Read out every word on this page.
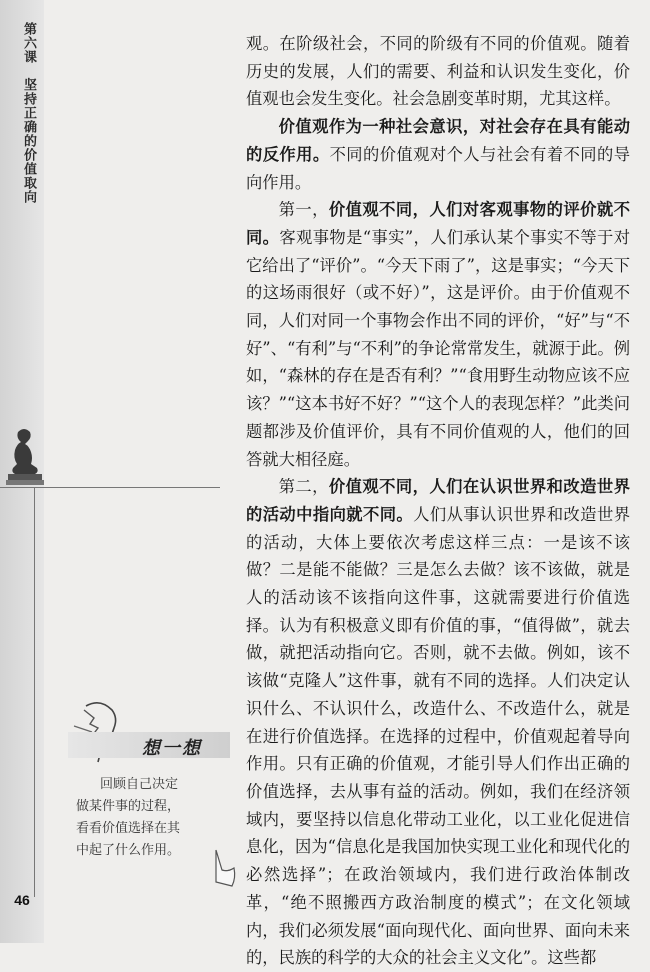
第六课坚持正确的价值取向
46
想一想
回顾自己决定
做某件事的过程，
看看价值选择在其
中起了什么作用。

观。在阶级社会，不同的阶级有不同的价值观。随着历史的发展，人们的需要、利益和认识发生变化，价值观也会发生变化。社会急剧变革时期，尤其这样。

价值观作为一种社会意识，对社会存在具有能动的反作用。不同的价值观对个人与社会有着不同的导向作用。

第一，价值观不同，人们对客观事物的评价就不同。客观事物是“事实”，人们承认某个事实不等于对它给出了“评价”。“今天下雨了”，这是事实；“今天下的这场雨很好（或不好）”，这是评价。由于价值观不同，人们对同一个事物会作出不同的评价，“好”与“不好”、“有利”与“不利”的争论常常发生，就源于此。例如，“森林的存在是否有利？”“食用野生动物应该不应该？”“这本书好不好？”“这个人的表现怎样？”此类问题都涉及价值评价，具有不同价值观的人，他们的回答就大相径庭。

第二，价值观不同，人们在认识世界和改造世界的活动中指向就不同。人们从事认识世界和改造世界的活动，大体上要依次考虑这样三点：一是该不该做？二是能不能做？三是怎么去做？该不该做，就是人的活动该不该指向这件事，这就需要进行价值选择。认为有积极意义即有价值的事，“值得做”，就去做，就把活动指向它。否则，就不去做。例如，该不该做“克隆人”这件事，就有不同的选择。人们决定认识什么、不认识什么，改造什么、不改造什么，就是在进行价值选择。在选择的过程中，价值观起着导向作用。只有正确的价值观，才能引导人们作出正确的价值选择，去从事有益的活动。例如，我们在经济领域内，要坚持以信息化带动工业化，以工业化促进信息化，因为“信息化是我国加快实现工业化和现代化的必然选择”；在政治领域内，我们进行政治体制改革，“绝不照搬西方政治制度的模式”；在文化领域内，我们必须发展“面向现代化、面向世界、面向未来的，民族的科学的大众的社会主义文化”。这些都
